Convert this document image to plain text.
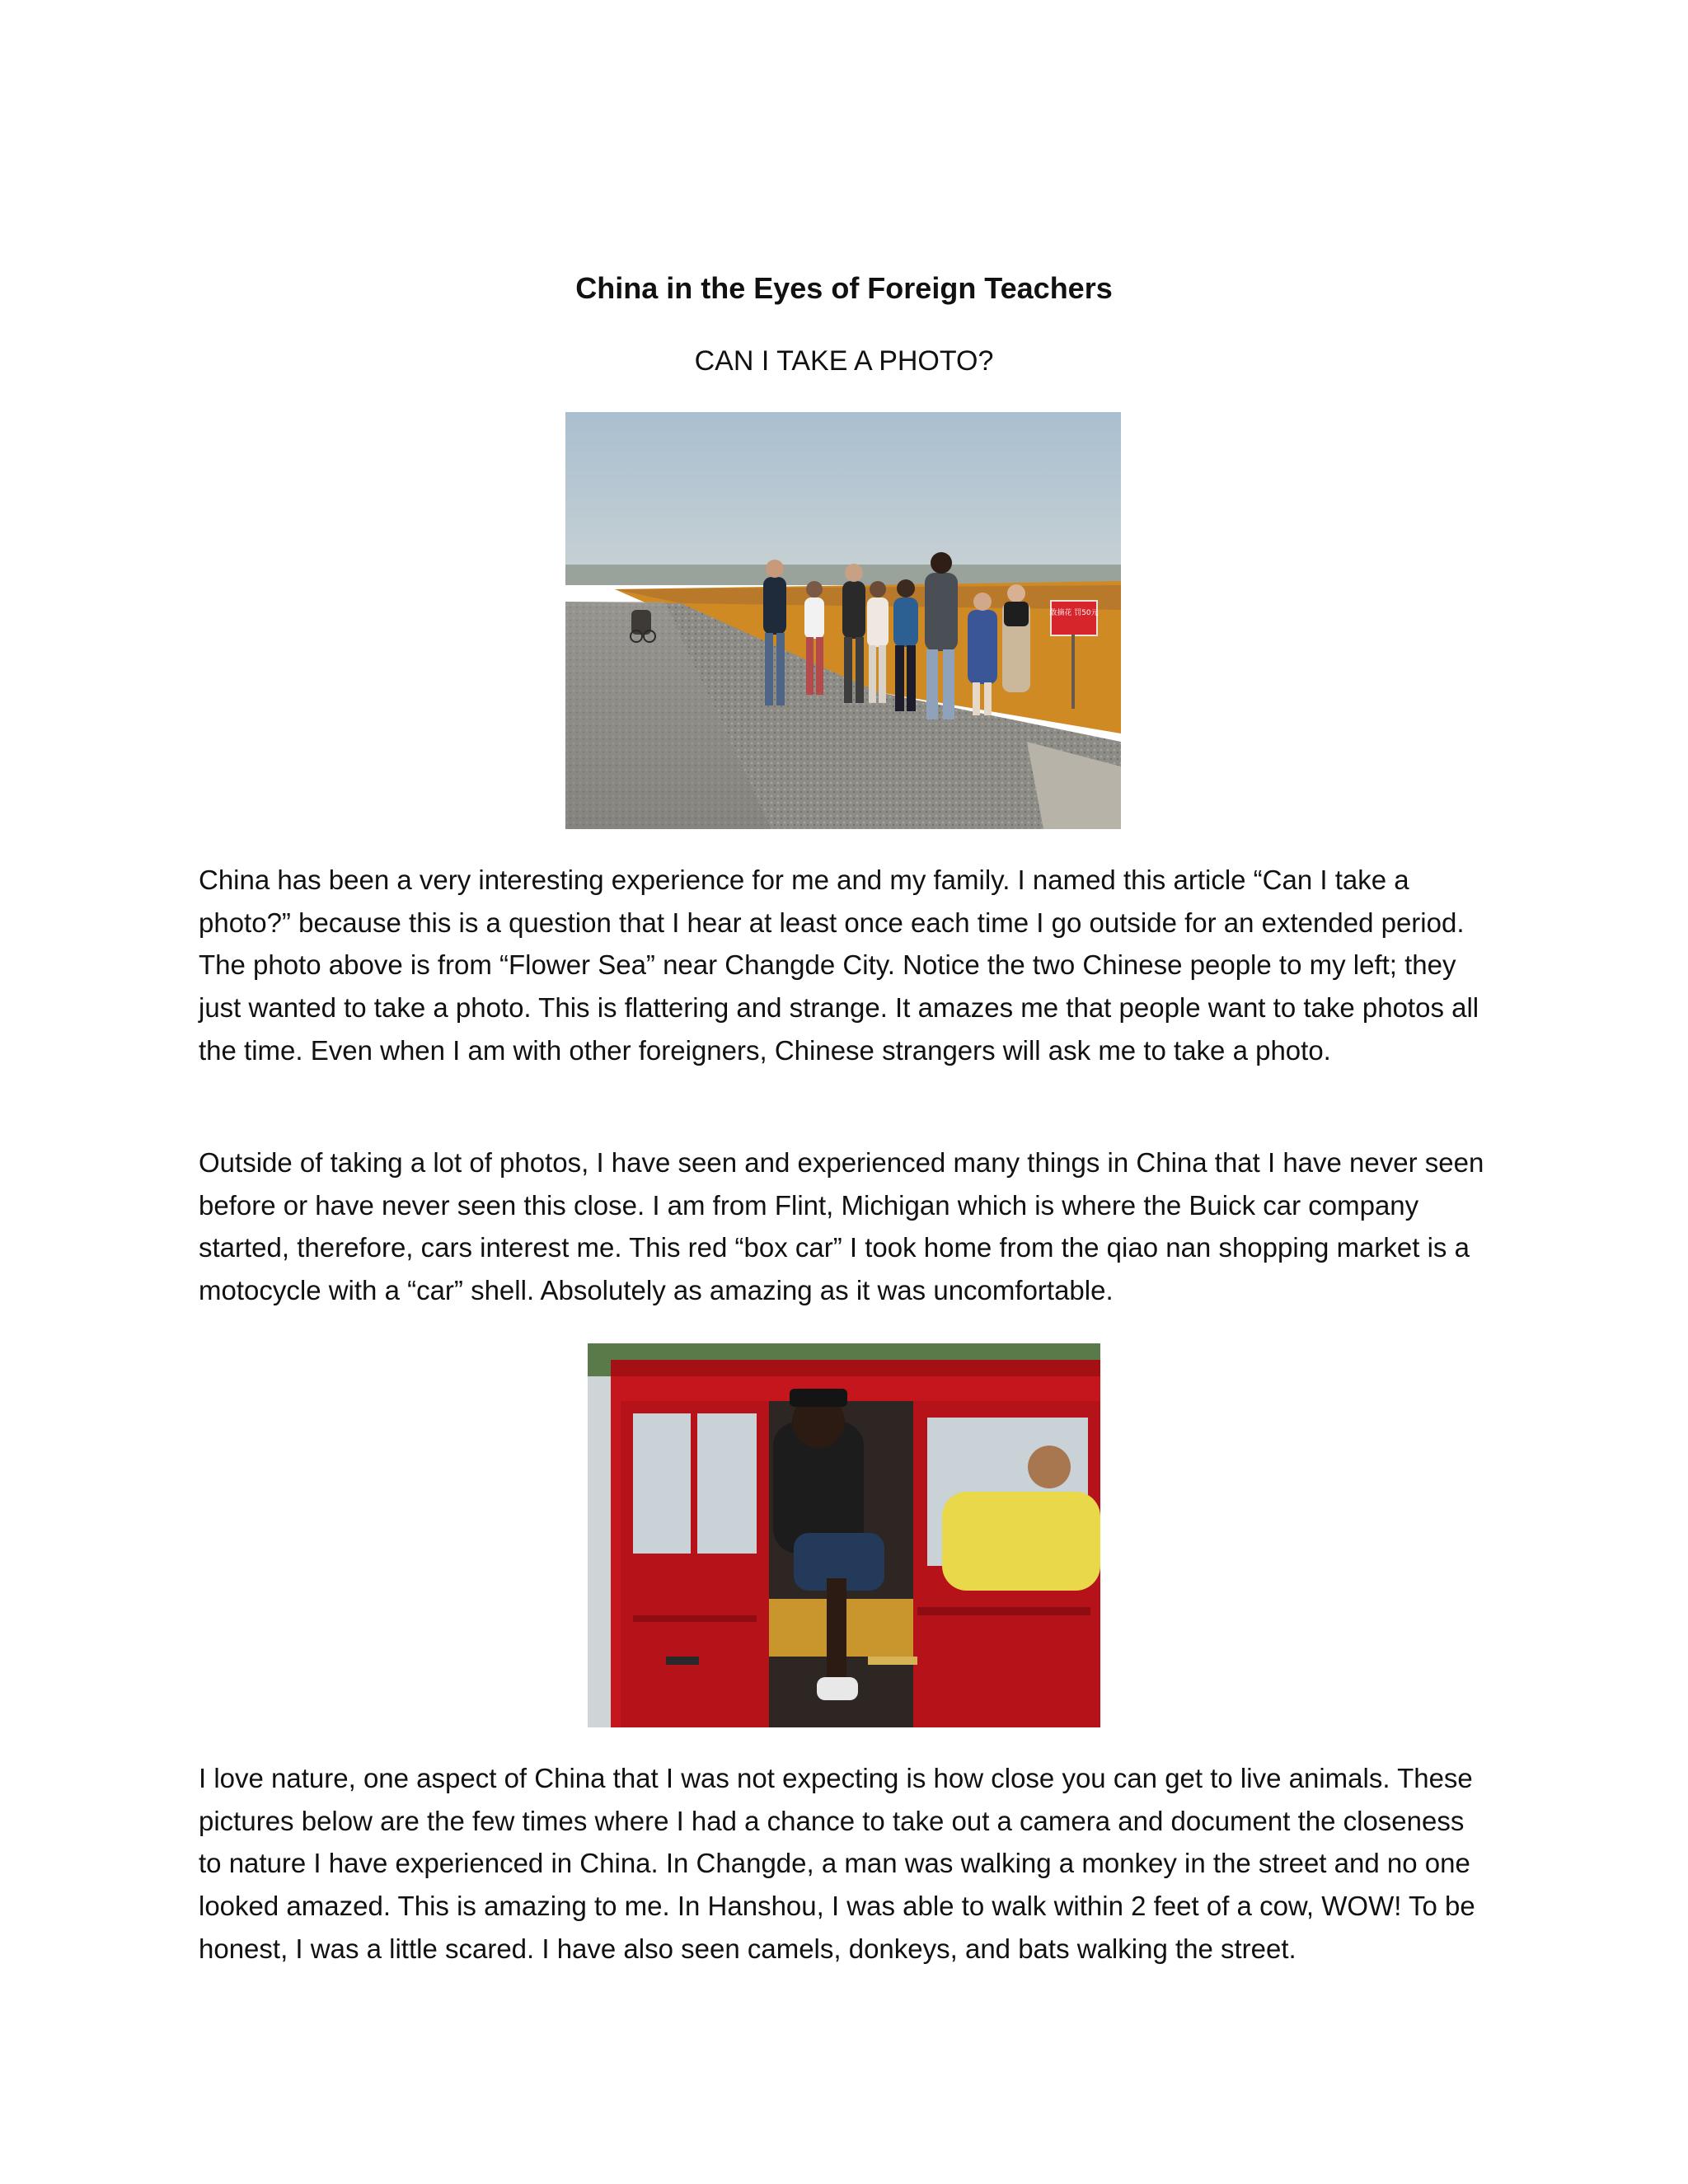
China in the Eyes of Foreign Teachers
CAN I TAKE A PHOTO?
敢摘花 罚50元

China has been a very interesting experience for me and my family. I named this article “Can I take a photo?” because this is a question that I hear at least once each time I go outside for an extended period. The photo above is from “Flower Sea” near Changde City. Notice the two Chinese people to my left; they just wanted to take a photo. This is flattering and strange. It amazes me that people want to take photos all the time. Even when I am with other foreigners, Chinese strangers will ask me to take a photo.

Outside of taking a lot of photos, I have seen and experienced many things in China that I have never seen before or have never seen this close. I am from Flint, Michigan which is where the Buick car company started, therefore, cars interest me. This red “box car” I took home from the qiao nan shopping market is a motocycle with a “car” shell. Absolutely as amazing as it was uncomfortable.

I love nature, one aspect of China that I was not expecting is how close you can get to live animals. These pictures below are the few times where I had a chance to take out a camera and document the closeness to nature I have experienced in China. In Changde, a man was walking a monkey in the street and no one looked amazed. This is amazing to me. In Hanshou, I was able to walk within 2 feet of a cow, WOW! To be honest, I was a little scared. I have also seen camels, donkeys, and bats walking the street.
